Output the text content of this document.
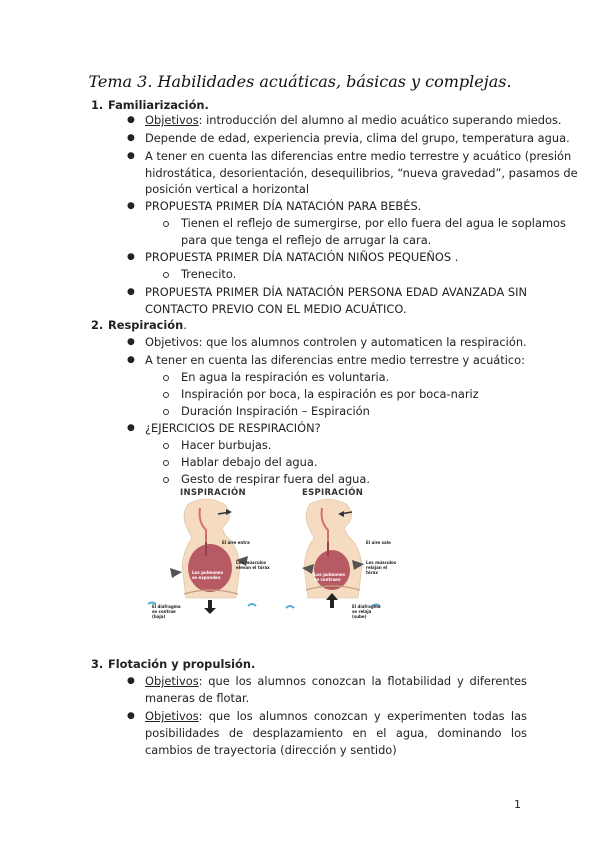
Tema 3. Habilidades acuáticas, básicas y complejas.
1. Familiarización.
● Objetivos: introducción del alumno al medio acuático superando miedos.
● Depende de edad, experiencia previa, clima del grupo, temperatura agua.
● A tener en cuenta las diferencias entre medio terrestre y acuático (presión
hidrostática, desorientación, desequilibrios, “nueva gravedad”, pasamos de
posición vertical a horizontal
● PROPUESTA PRIMER DÍA NATACIÓN PARA BEBÉS.
Tienen el reflejo de sumergirse, por ello fuera del agua le soplamos
para que tenga el reflejo de arrugar la cara.
● PROPUESTA PRIMER DÍA NATACIÓN NIÑOS PEQUEÑOS .
Trenecito.
● PROPUESTA PRIMER DÍA NATACIÓN PERSONA EDAD AVANZADA SIN
CONTACTO PREVIO CON EL MEDIO ACUÁTICO.
2. Respiración.
● Objetivos: que los alumnos controlen y automaticen la respiración.
● A tener en cuenta las diferencias entre medio terrestre y acuático:
En agua la respiración es voluntaria.
Inspiración por boca, la espiración es por boca-nariz
Duración Inspiración – Espiración
● ¿EJERCICIOS DE RESPIRACIÓN?
Hacer burbujas.
Hablar debajo del agua.
Gesto de respirar fuera del agua.
INSPIRACIÓN	ESPIRACIÓN
El aire entra
Los músculos elevan el tórax
Los pulmones se expanden
El diafragma se contrae (baja)
El aire sale
Los músculos relajan el tórax
Los pulmones se contraen
El diafragma se relaja (sube)
3. Flotación y propulsión.
● Objetivos: que los alumnos conozcan la flotabilidad y diferentes maneras de flotar.
● Objetivos: que los alumnos conozcan y experimenten todas las posibilidades de desplazamiento en el agua, dominando los cambios de trayectoria (dirección y sentido)
1
